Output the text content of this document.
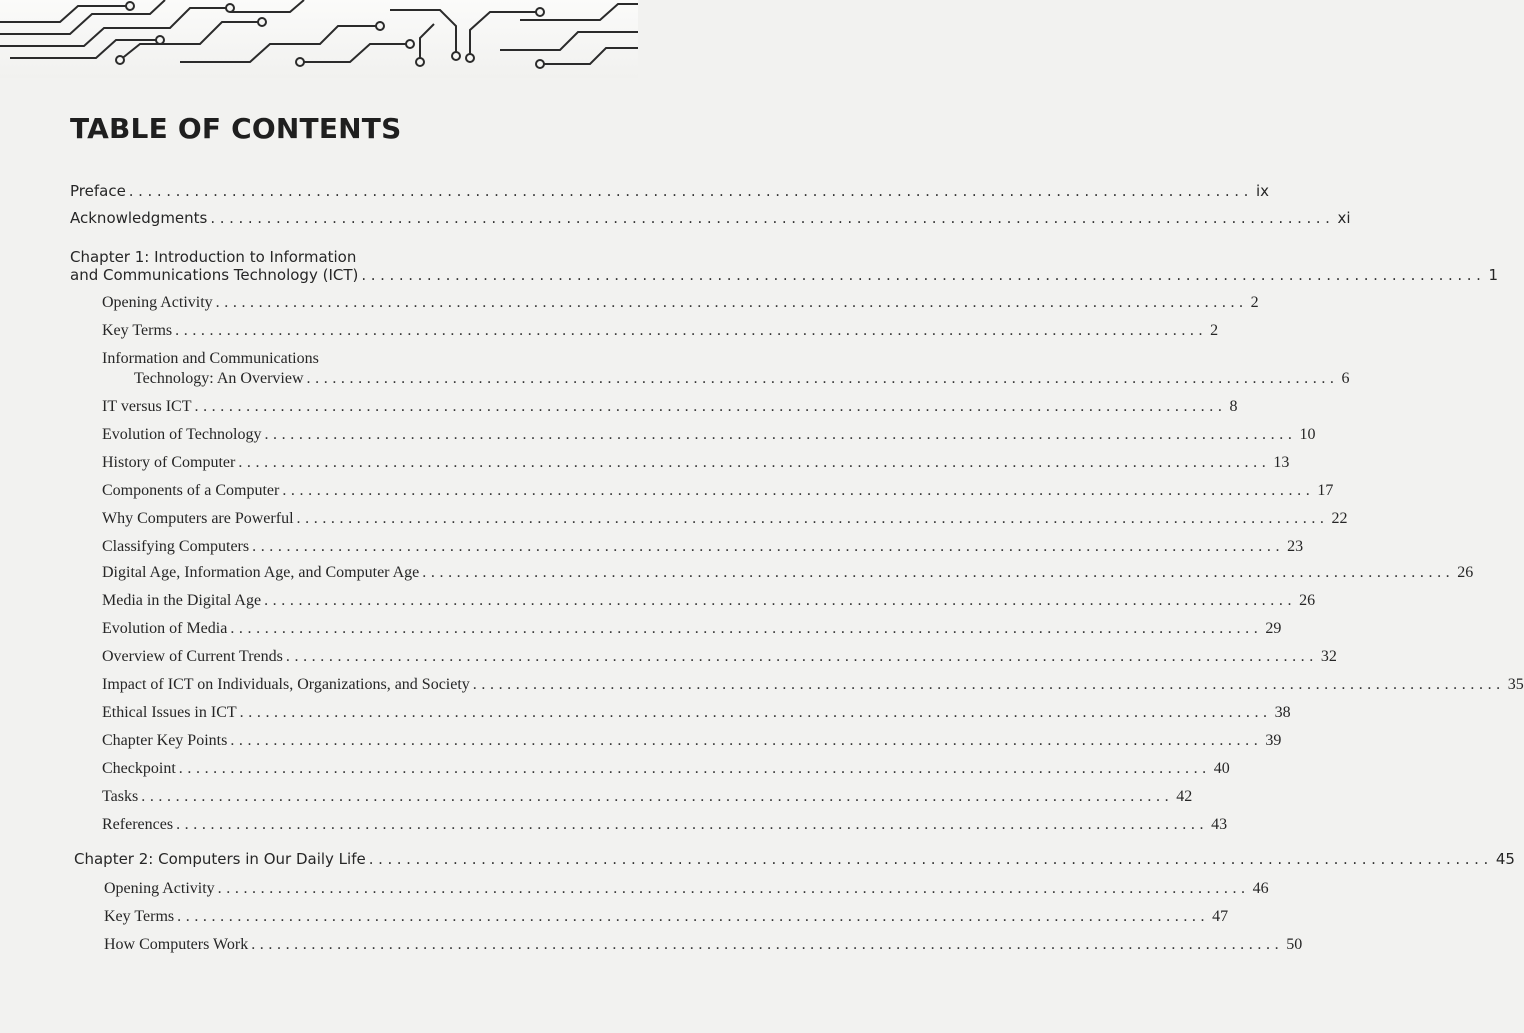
TABLE OF CONTENTS
Preface ........................................................................................................................ ix
Acknowledgments ........................................................................................................................ xi
Chapter 1: Introduction to Information
and Communications Technology (ICT) ........................................................................................................................ 1
Opening Activity ........................................................................................................................ 2
Key Terms ........................................................................................................................ 2
Information and Communications
Technology: An Overview ........................................................................................................................ 6
IT versus ICT ........................................................................................................................ 8
Evolution of Technology ........................................................................................................................ 10
History of Computer ........................................................................................................................ 13
Components of a Computer ........................................................................................................................ 17
Why Computers are Powerful ........................................................................................................................ 22
Classifying Computers ........................................................................................................................ 23
Digital Age, Information Age, and Computer Age ........................................................................................................................ 26
Media in the Digital Age ........................................................................................................................ 26
Evolution of Media ........................................................................................................................ 29
Overview of Current Trends ........................................................................................................................ 32
Impact of ICT on Individuals, Organizations, and Society ........................................................................................................................ 35
Ethical Issues in ICT ........................................................................................................................ 38
Chapter Key Points ........................................................................................................................ 39
Checkpoint ........................................................................................................................ 40
Tasks ........................................................................................................................ 42
References ........................................................................................................................ 43
Chapter 2: Computers in Our Daily Life ........................................................................................................................ 45
Opening Activity ........................................................................................................................ 46
Key Terms ........................................................................................................................ 47
How Computers Work ........................................................................................................................ 50
